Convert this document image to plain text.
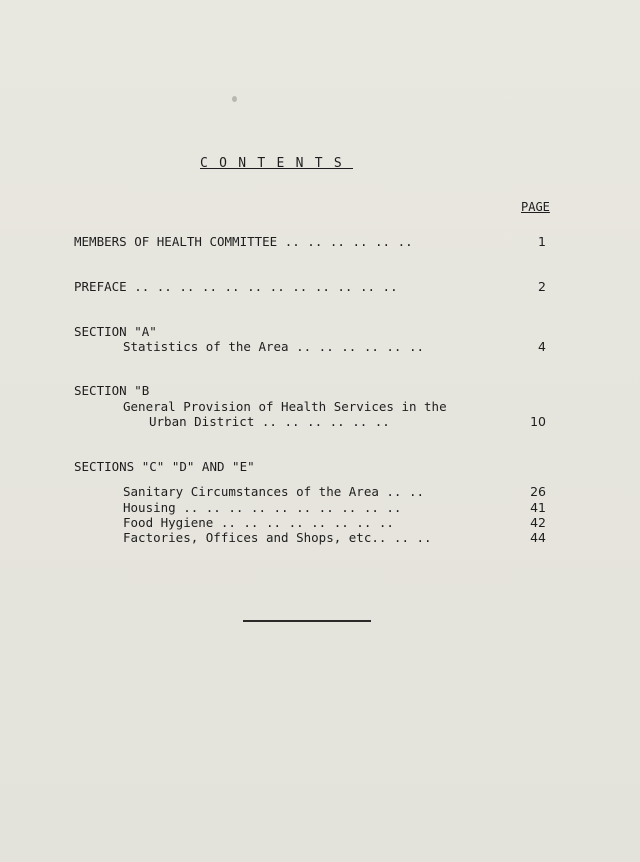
CONTENTS
PAGE
MEMBERS OF HEALTH COMMITTEE .. .. .. .. .. ..	1
PREFACE .. .. .. .. .. .. .. .. .. .. .. ..	2
SECTION "A"
Statistics of the Area .. .. .. .. .. ..	4
SECTION "B
General Provision of Health Services in the
Urban District .. .. .. .. .. ..	10
SECTIONS "C" "D" AND "E"
Sanitary Circumstances of the Area .. ..	26
Housing .. .. .. .. .. .. .. .. .. ..	41
Food Hygiene .. .. .. .. .. .. .. ..	42
Factories, Offices and Shops, etc.. .. ..	44
